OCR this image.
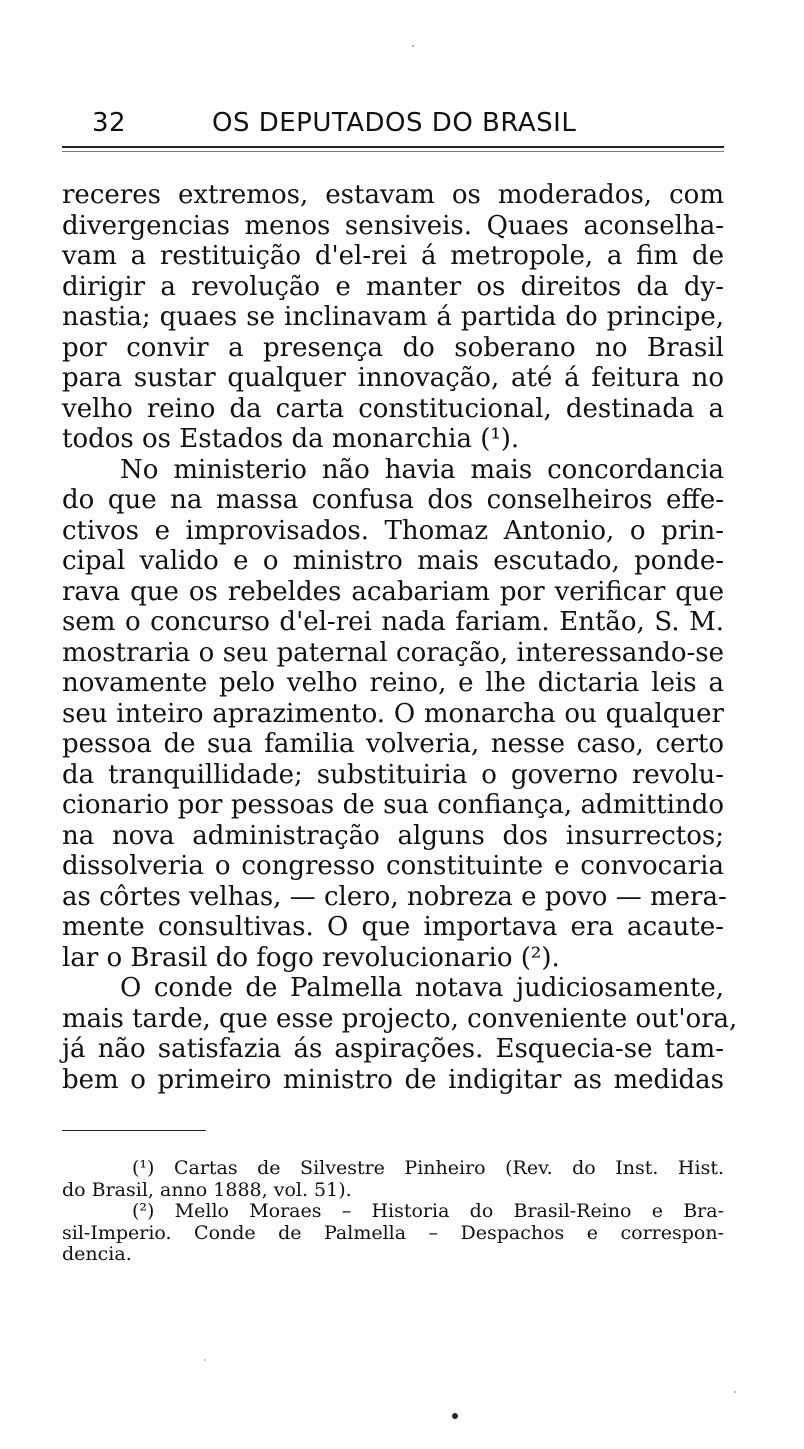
32	OS DEPUTADOS DO BRASIL
receres extremos, estavam os moderados, com
divergencias menos sensiveis. Quaes aconselha-
vam a restituição d'el-rei á metropole, a fim de
dirigir a revolução e manter os direitos da dy-
nastia; quaes se inclinavam á partida do principe,
por convir a presença do soberano no Brasil
para sustar qualquer innovação, até á feitura no
velho reino da carta constitucional, destinada a
todos os Estados da monarchia (¹).
No ministerio não havia mais concordancia
do que na massa confusa dos conselheiros effe-
ctivos e improvisados. Thomaz Antonio, o prin-
cipal valido e o ministro mais escutado, ponde-
rava que os rebeldes acabariam por verificar que
sem o concurso d'el-rei nada fariam. Então, S. M.
mostraria o seu paternal coração, interessando-se
novamente pelo velho reino, e lhe dictaria leis a
seu inteiro aprazimento. O monarcha ou qualquer
pessoa de sua familia volveria, nesse caso, certo
da tranquillidade; substituiria o governo revolu-
cionario por pessoas de sua confiança, admittindo
na nova administração alguns dos insurrectos;
dissolveria o congresso constituinte e convocaria
as côrtes velhas, — clero, nobreza e povo — mera-
mente consultivas. O que importava era acaute-
lar o Brasil do fogo revolucionario (²).
O conde de Palmella notava judiciosamente,
mais tarde, que esse projecto, conveniente out'ora,
já não satisfazia ás aspirações. Esquecia-se tam-
bem o primeiro ministro de indigitar as medidas
(¹) Cartas de Silvestre Pinheiro (Rev. do Inst. Hist.
do Brasil, anno 1888, vol. 51).
(²) Mello Moraes – Historia do Brasil-Reino e Bra-
sil-Imperio. Conde de Palmella – Despachos e correspon-
dencia.
